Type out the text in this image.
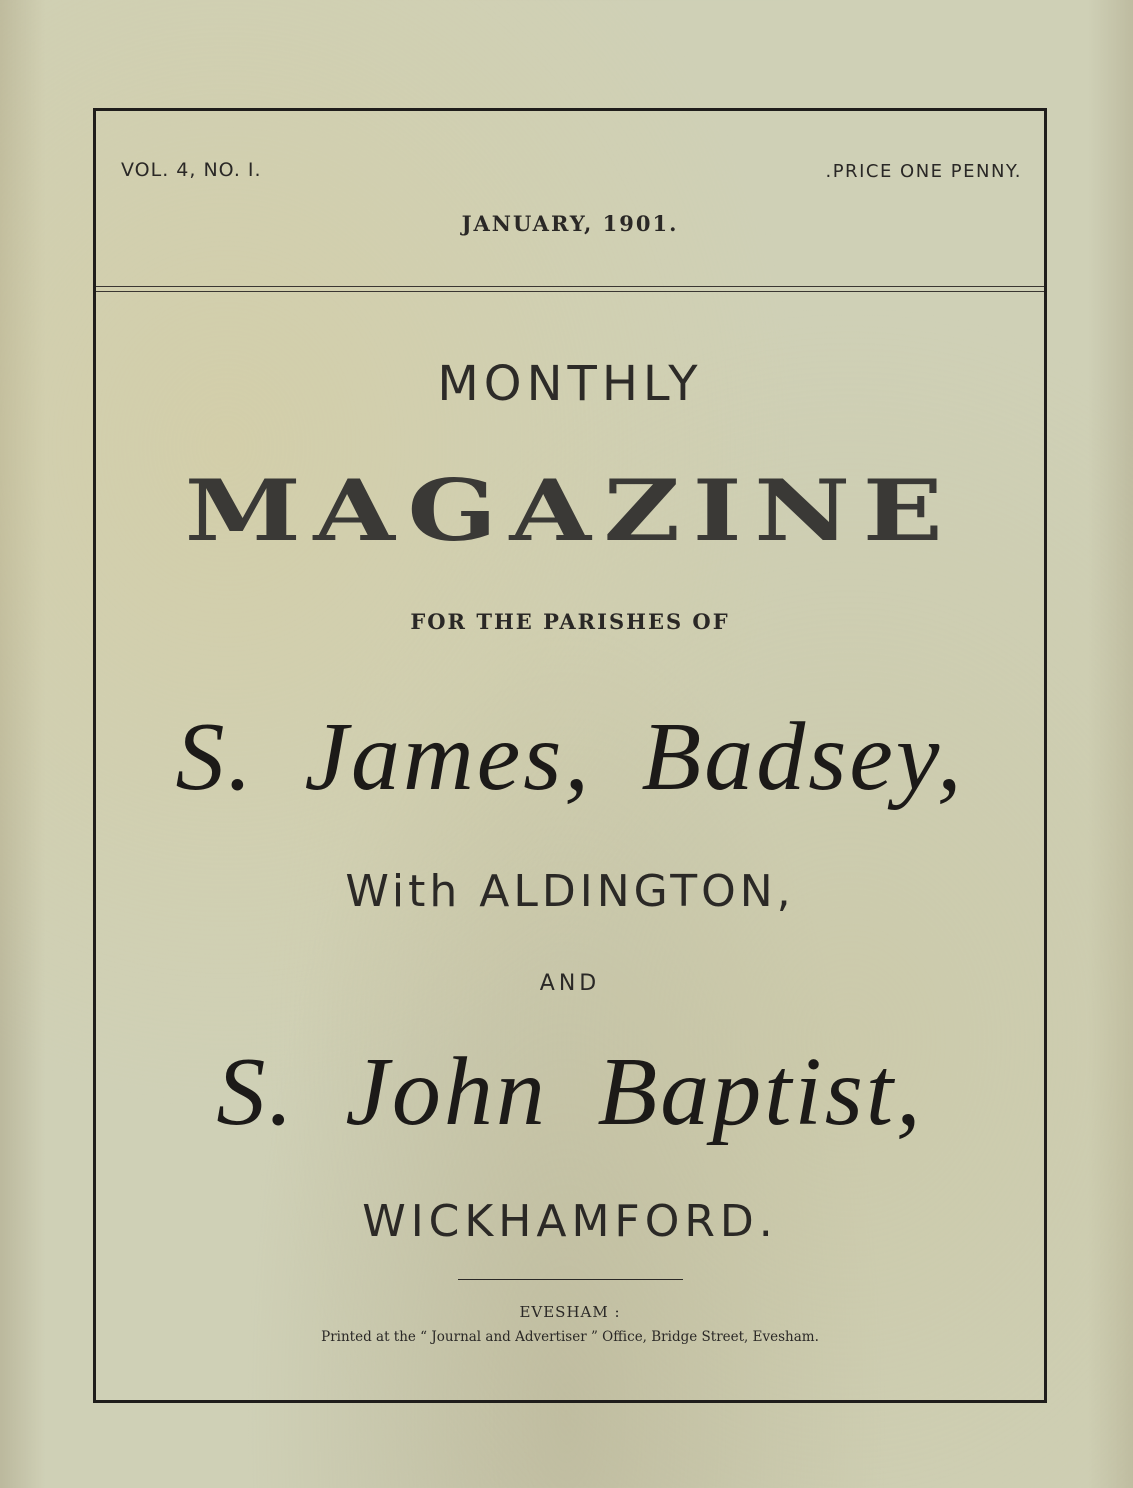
VOL. 4, NO. I.	.PRICE ONE PENNY.
JANUARY, 1901.
MONTHLY
MAGAZINE
FOR THE PARISHES OF
S. James, Badsey,
With ALDINGTON,
AND
S. John Baptist,
WICKHAMFORD.
EVESHAM :
Printed at the “ Journal and Advertiser ” Office, Bridge Street, Evesham.
